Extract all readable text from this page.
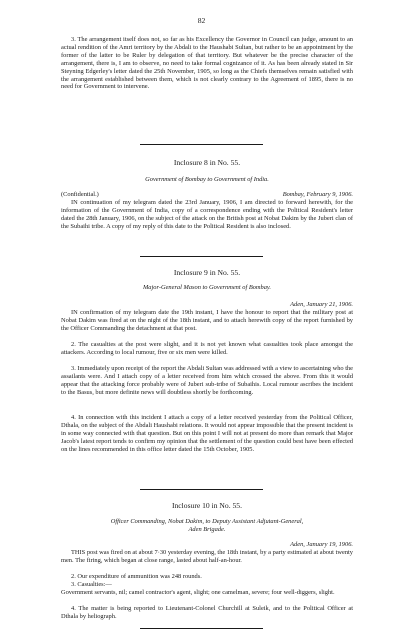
82

3. The arrangement itself does not, so far as his Excellency the Governor in Council can judge, amount to an actual rendition of the Amri territory by the Abdali to the Haushabi Sultan, but rather to be an appointment by the former of the latter to be Ruler by delegation of that territory. But whatever be the precise character of the arrangement, there is, I am to observe, no need to take formal cognizance of it. As has been already stated in Sir Steyning Edgerley's letter dated the 25th November, 1905, so long as the Chiefs themselves remain satisfied with the arrangement established between them, which is not clearly contrary to the Agreement of 1895, there is no need for Government to intervene.

Inclosure 8 in No. 55.

Government of Bombay to Government of India.

(Confidential.)	Bombay, February 9, 1906.

IN continuation of my telegram dated the 23rd January, 1906, I am directed to forward herewith, for the information of the Government of India, copy of a correspondence ending with the Political Resident's letter dated the 28th January, 1906, on the subject of the attack on the British post at Nobat Dakim by the Juberi clan of the Subaihi tribe. A copy of my reply of this date to the Political Resident is also inclosed.

Inclosure 9 in No. 55.

Major-General Mason to Government of Bombay.

Aden, January 21, 1906.

IN confirmation of my telegram date the 19th instant, I have the honour to report that the military post at Nobat Dakim was fired at on the night of the 18th instant, and to attach herewith copy of the report furnished by the Officer Commanding the detachment at that post.

2. The casualties at the post were slight, and it is not yet known what casualties took place amongst the attackers. According to local rumour, five or six men were killed.

3. Immediately upon receipt of the report the Abdali Sultan was addressed with a view to ascertaining who the assailants were. And I attach copy of a letter received from him which crossed the above. From this it would appear that the attacking force probably were of Juberi sub-tribe of Subaihis. Local rumour ascribes the incident to the Basus, but more definite news will doubtless shortly be forthcoming.

4. In connection with this incident I attach a copy of a letter received yesterday from the Political Officer, Dthala, on the subject of the Abdali Haushabi relations. It would not appear impossible that the present incident is in some way connected with that question. But on this point I will not at present do more than remark that Major Jacob's latest report tends to confirm my opinion that the settlement of the question could best have been effected on the lines recommended in this office letter dated the 15th October, 1905.

Inclosure 10 in No. 55.

Officer Commanding, Nobat Dakim, to Deputy Assistant Adjutant-General,

Aden Brigade.

Aden, January 19, 1906.

THIS post was fired on at about 7·30 yesterday evening, the 18th instant, by a party estimated at about twenty men. The firing, which began at close range, lasted about half-an-hour.

2. Our expenditure of ammunition was 248 rounds.

3. Casualties:—

Government servants, nil; camel contractor's agent, slight; one camelman, severe; four well-diggers, slight.

4. The matter is being reported to Lieutenant-Colonel Churchill at Suleik, and to the Political Officer at Dthala by heliograph.
